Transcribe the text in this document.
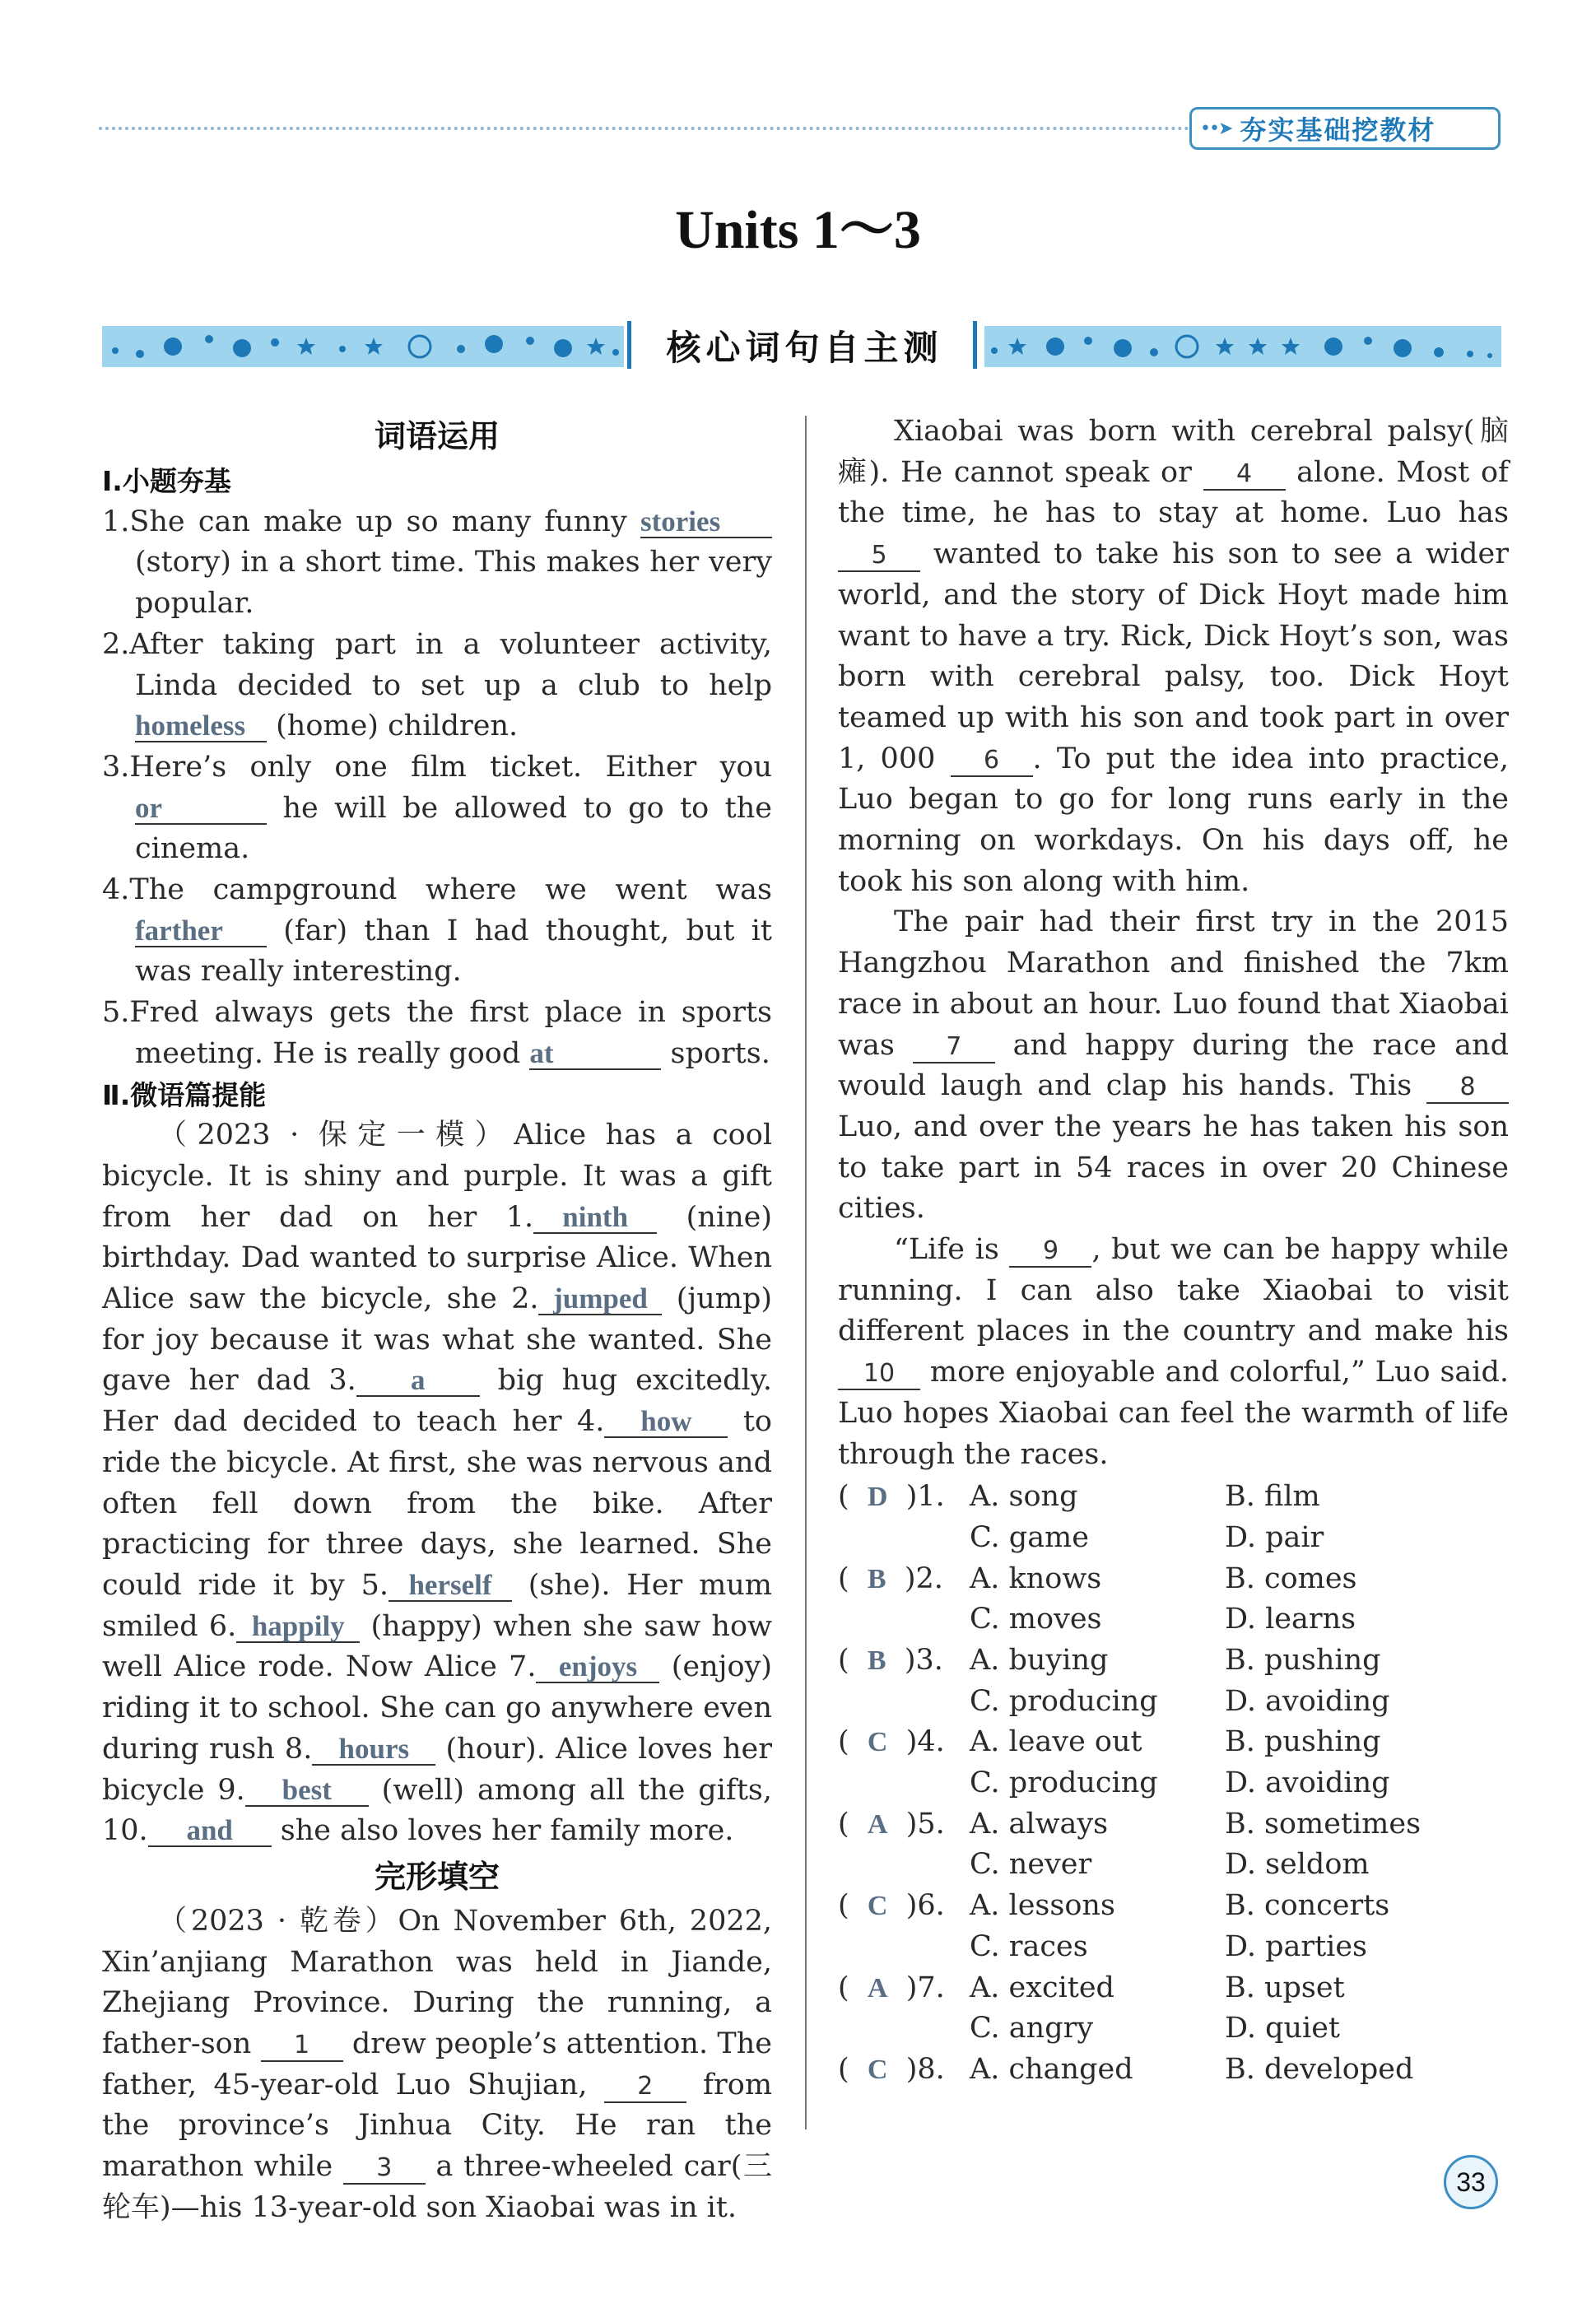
••➤ 夯实基础挖教材
Units 1～3
核心词句自主测
词语运用
Ⅰ.小题夯基

1.She can make up so many funny stories (story) in a short time. This makes her very popular.

2.After taking part in a volunteer activity, Linda decided to set up a club to help homeless (home) children.

3.Here’s only one film ticket. Either you or	he will be allowed to go to the cinema.

4.The campground where we went was farther (far) than I had thought, but it was really interesting.

5.Fred always gets the first place in sports meeting. He is really good at	sports.

Ⅱ.微语篇提能

（2023 · 保定一模）Alice has a cool bicycle. It is shiny and purple. It was a gift from her dad on her 1. ninth (nine) birthday. Dad wanted to surprise Alice. When Alice saw the bicycle, she 2. jumped (jump) for joy because it was what she wanted. She gave her dad 3. a big hug excitedly. Her dad decided to teach her 4. how to ride the bicycle. At first, she was nervous and often fell down from the bike. After practicing for three days, she learned. She could ride it by 5. herself (she). Her mum smiled 6. happily (happy) when she saw how well Alice rode. Now Alice 7. enjoys (enjoy) riding it to school. She can go anywhere even during rush 8. hours (hour). Alice loves her bicycle 9. best (well) among all the gifts, 10. and she also loves her family more.

完形填空

（2023 · 乾卷）On November 6th, 2022, Xin’anjiang Marathon was held in Jiande, Zhejiang Province. During the running, a father-son 1 drew people’s attention. The father, 45-year-old Luo Shujian, 2 from the province’s Jinhua City. He ran the marathon while 3 a three-wheeled car(三轮车)—his 13-year-old son Xiaobai was in it.

Xiaobai was born with cerebral palsy(脑瘫). He cannot speak or 4 alone. Most of the time, he has to stay at home. Luo has 5 wanted to take his son to see a wider world, and the story of Dick Hoyt made him want to have a try. Rick, Dick Hoyt’s son, was born with cerebral palsy, too. Dick Hoyt teamed up with his son and took part in over 1, 000 6 . To put the idea into practice, Luo began to go for long runs early in the morning on workdays. On his days off, he took his son along with him.

The pair had their first try in the 2015 Hangzhou Marathon and finished the 7km race in about an hour. Luo found that Xiaobai was 7 and happy during the race and would laugh and clap his hands. This 8 Luo, and over the years he has taken his son to take part in 54 races in over 20 Chinese cities.

“Life is 9 , but we can be happy while running. I can also take Xiaobai to visit different places in the country and make his 10 more enjoyable and colorful,” Luo said. Luo hopes Xiaobai can feel the warmth of life through the races.

(  D  )1. A. song	B. film
C. game	D. pair
(  B  )2. A. knows	B. comes
C. moves	D. learns
(  B  )3. A. buying	B. pushing
C. producing	D. avoiding
(  C  )4. A. leave out	B. pushing
C. producing	D. avoiding
(  A  )5. A. always	B. sometimes
C. never	D. seldom
(  C  )6. A. lessons	B. concerts
C. races	D. parties
(  A  )7. A. excited	B. upset
C. angry	D. quiet
(  C  )8. A. changed	B. developed
33
